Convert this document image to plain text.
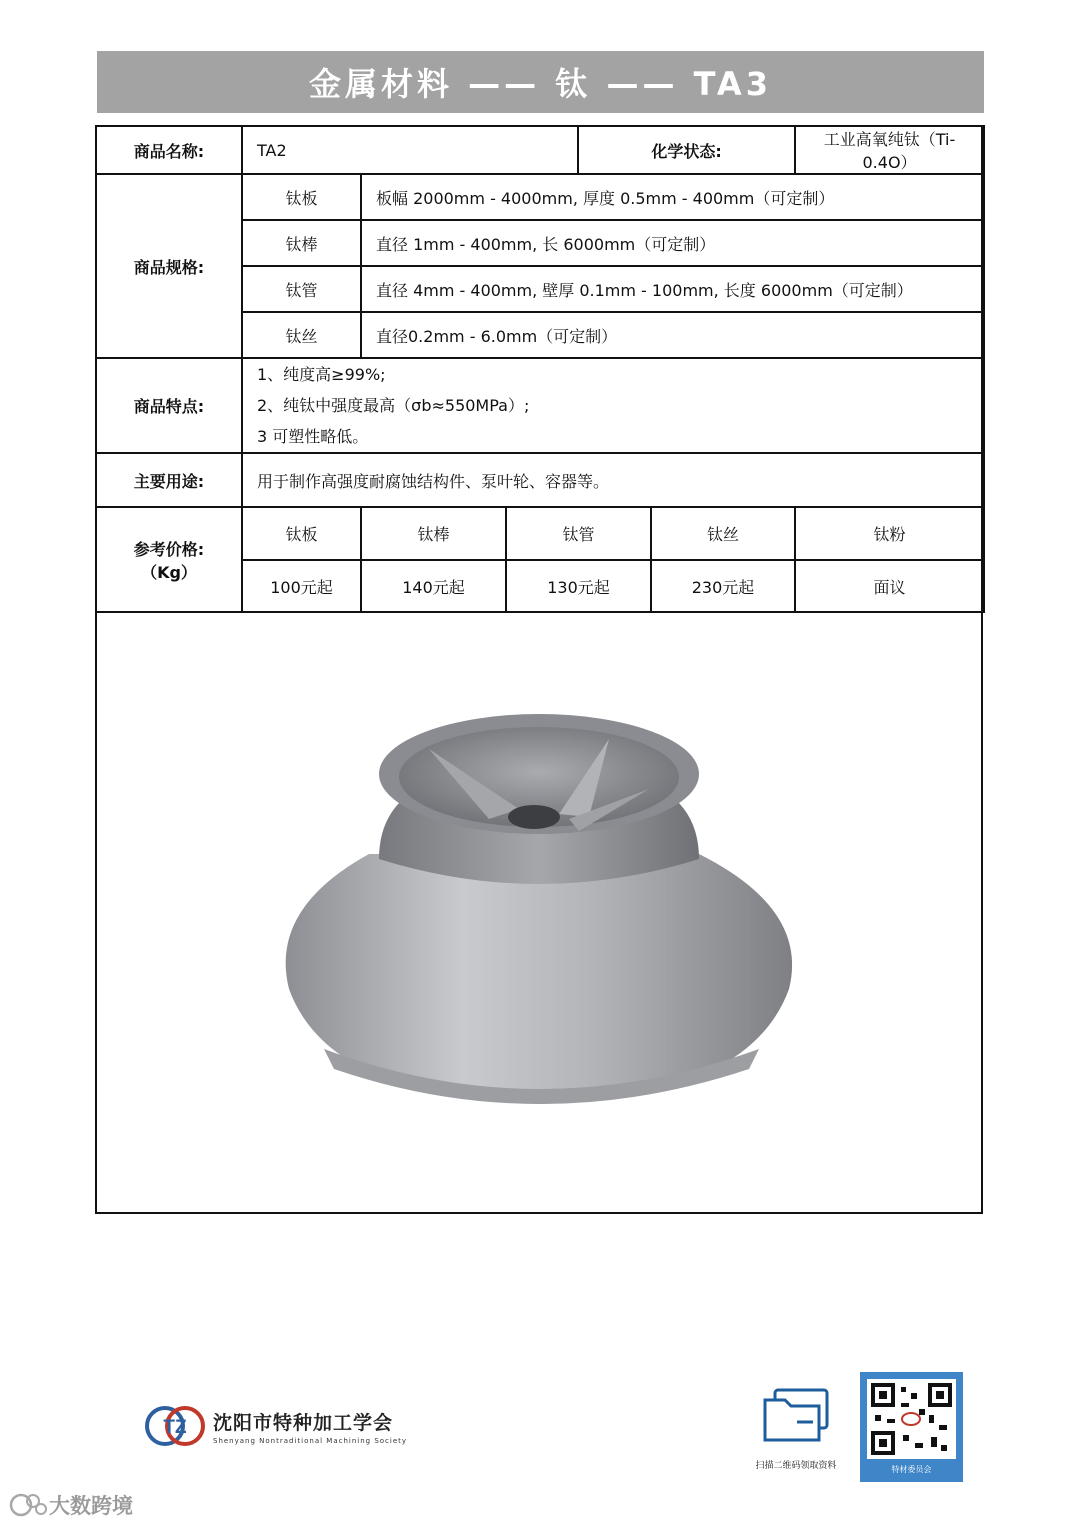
金属材料 —— 钛 —— TA3
商品名称:	TA2			化学状态:		工业高氧纯钛（Ti-0.4O）
商品规格:	钛板	板幅 2000mm - 4000mm, 厚度 0.5mm - 400mm（可定制）				
	钛棒	直径 1mm - 400mm, 长 6000mm（可定制）				
	钛管	直径 4mm - 400mm, 壁厚 0.1mm - 100mm, 长度 6000mm（可定制）				
	钛丝	直径0.2mm - 6.0mm（可定制）				
商品特点:	1、纯度高≥99%;
2、纯钛中强度最高（σb≈550MPa）;
3 可塑性略低。					

主要用途:	用于制作高强度耐腐蚀结构件、泵叶轮、容器等。					

参考价格:
（Kg）	钛板	钛棒	钛管		钛丝	钛粉
	100元起	140元起	130元起		230元起	面议
TZ 沈阳市特种加工学会
Shenyang Nontraditional Machining Society
扫描二维码领取资料	特材委员会
大数跨境
